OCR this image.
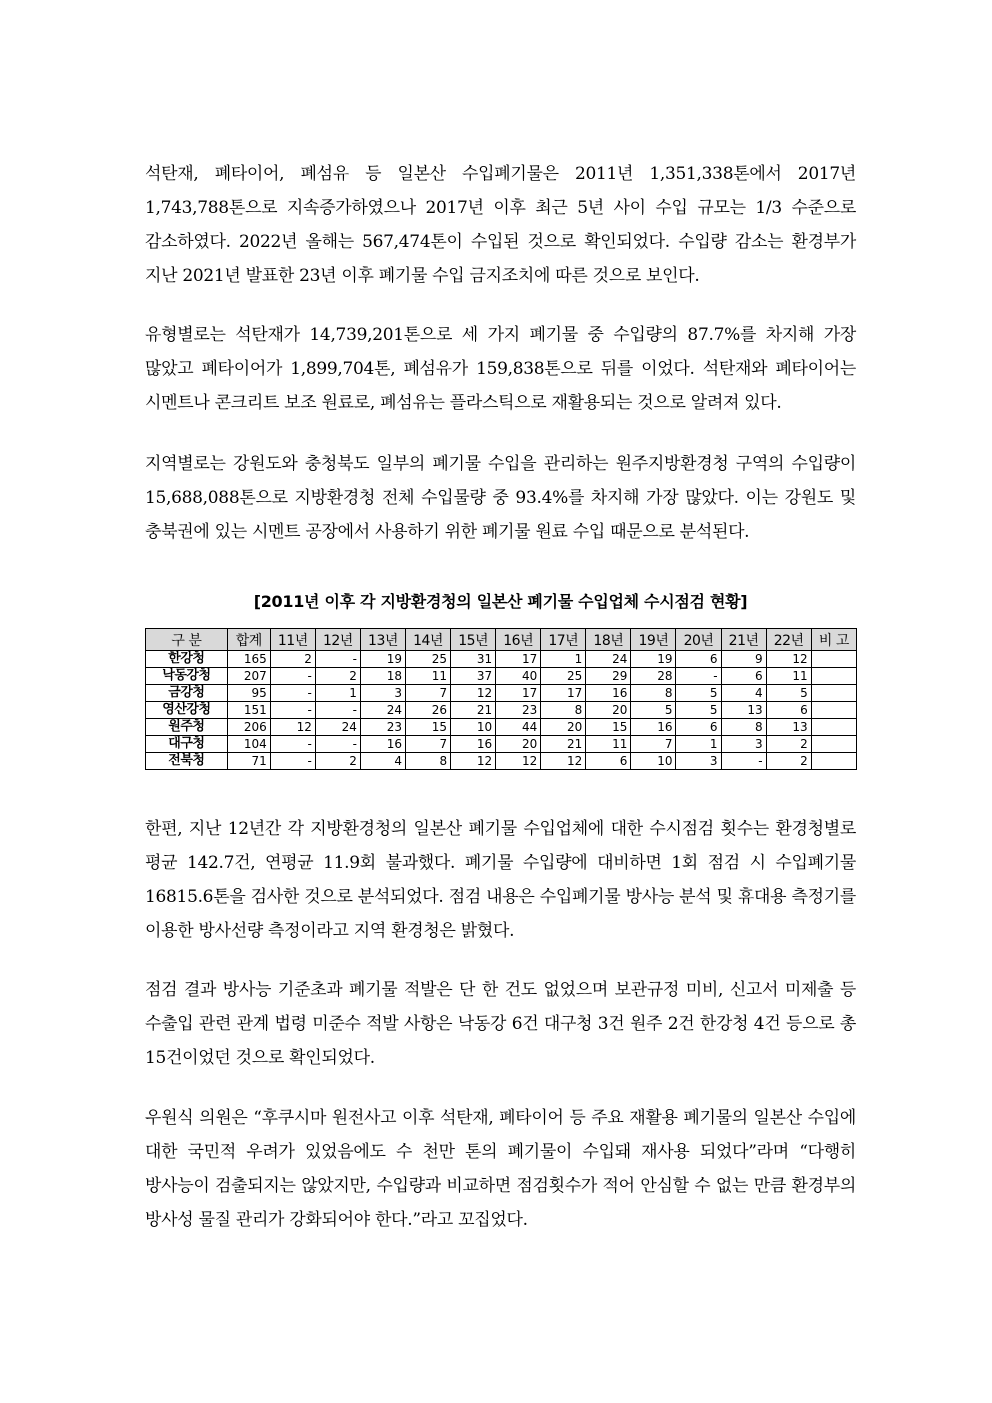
석탄재, 폐타이어, 폐섬유 등 일본산 수입폐기물은 2011년 1,351,338톤에서 2017년 1,743,788톤으로 지속증가하였으나 2017년 이후 최근 5년 사이 수입 규모는 1/3 수준으로 감소하였다. 2022년 올해는 567,474톤이 수입된 것으로 확인되었다. 수입량 감소는 환경부가 지난 2021년 발표한 23년 이후 폐기물 수입 금지조치에 따른 것으로 보인다.

유형별로는 석탄재가 14,739,201톤으로 세 가지 폐기물 중 수입량의 87.7%를 차지해 가장 많았고 폐타이어가 1,899,704톤, 폐섬유가 159,838톤으로 뒤를 이었다. 석탄재와 폐타이어는 시멘트나 콘크리트 보조 원료로, 폐섬유는 플라스틱으로 재활용되는 것으로 알려져 있다.

지역별로는 강원도와 충청북도 일부의 폐기물 수입을 관리하는 원주지방환경청 구역의 수입량이 15,688,088톤으로 지방환경청 전체 수입물량 중 93.4%를 차지해 가장 많았다. 이는 강원도 및 충북권에 있는 시멘트 공장에서 사용하기 위한 폐기물 원료 수입 때문으로 분석된다.

[2011년 이후 각 지방환경청의 일본산 폐기물 수입업체 수시점검 현황]
구 분	합계	11년	12년	13년	14년	15년	16년	17년	18년	19년	20년	21년	22년	비 고
한강청	165	2	-	19	25	31	17	1	24	19	6	9	12	
낙동강청	207	-	2	18	11	37	40	25	29	28	-	6	11	
금강청	95	-	1	3	7	12	17	17	16	8	5	4	5	
영산강청	151	-	-	24	26	21	23	8	20	5	5	13	6	
원주청	206	12	24	23	15	10	44	20	15	16	6	8	13	
대구청	104	-	-	16	7	16	20	21	11	7	1	3	2	
전북청	71	-	2	4	8	12	12	12	6	10	3	-	2	

한편, 지난 12년간 각 지방환경청의 일본산 폐기물 수입업체에 대한 수시점검 횟수는 환경청별로 평균 142.7건, 연평균 11.9회 불과했다. 폐기물 수입량에 대비하면 1회 점검 시 수입폐기물 16815.6톤을 검사한 것으로 분석되었다. 점검 내용은 수입폐기물 방사능 분석 및 휴대용 측정기를 이용한 방사선량 측정이라고 지역 환경청은 밝혔다.

점검 결과 방사능 기준초과 폐기물 적발은 단 한 건도 없었으며 보관규정 미비, 신고서 미제출 등 수출입 관련 관계 법령 미준수 적발 사항은 낙동강 6건 대구청 3건 원주 2건 한강청 4건 등으로 총 15건이었던 것으로 확인되었다.

우원식 의원은 “후쿠시마 원전사고 이후 석탄재, 폐타이어 등 주요 재활용 폐기물의 일본산 수입에 대한 국민적 우려가 있었음에도 수 천만 톤의 폐기물이 수입돼 재사용 되었다”라며 “다행히 방사능이 검출되지는 않았지만, 수입량과 비교하면 점검횟수가 적어 안심할 수 없는 만큼 환경부의 방사성 물질 관리가 강화되어야 한다.”라고 꼬집었다.
